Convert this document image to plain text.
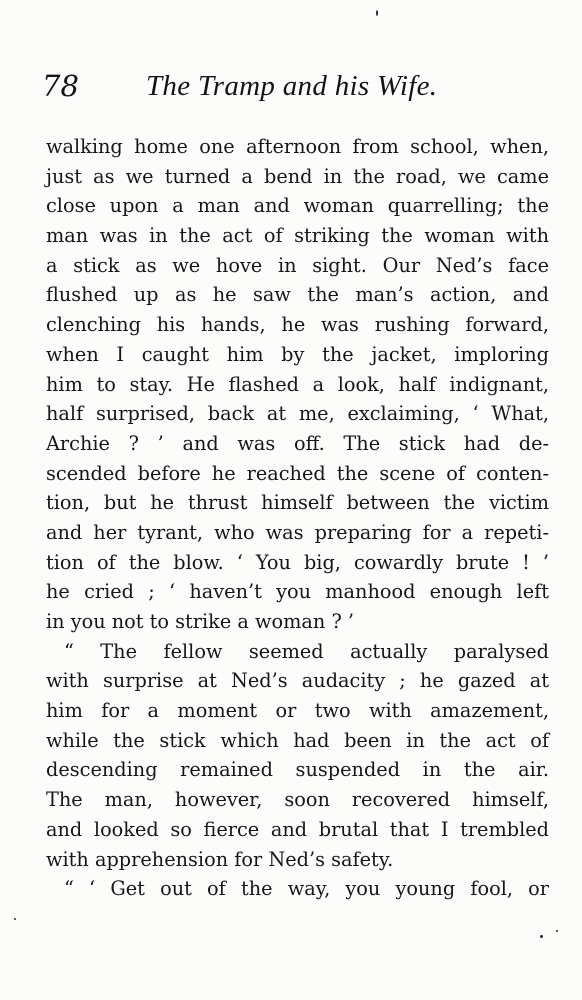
78 The Tramp and his Wife.
walking home one afternoon from school, when,
just as we turned a bend in the road, we came
close upon a man and woman quarrelling; the
man was in the act of striking the woman with
a stick as we hove in sight. Our Ned’s face
flushed up as he saw the man’s action, and
clenching his hands, he was rushing forward,
when I caught him by the jacket, imploring
him to stay. He flashed a look, half indignant,
half surprised, back at me, exclaiming, ‘ What,
Archie ? ’ and was off. The stick had de-
scended before he reached the scene of conten-
tion, but he thrust himself between the victim
and her tyrant, who was preparing for a repeti-
tion of the blow. ‘ You big, cowardly brute ! ’
he cried ; ‘ haven’t you manhood enough left
in you not to strike a woman ? ’
“ The fellow seemed actually paralysed
with surprise at Ned’s audacity ; he gazed at
him for a moment or two with amazement,
while the stick which had been in the act of
descending remained suspended in the air.
The man, however, soon recovered himself,
and looked so fierce and brutal that I trembled
with apprehension for Ned’s safety.
“ ‘ Get out of the way, you young fool, or
